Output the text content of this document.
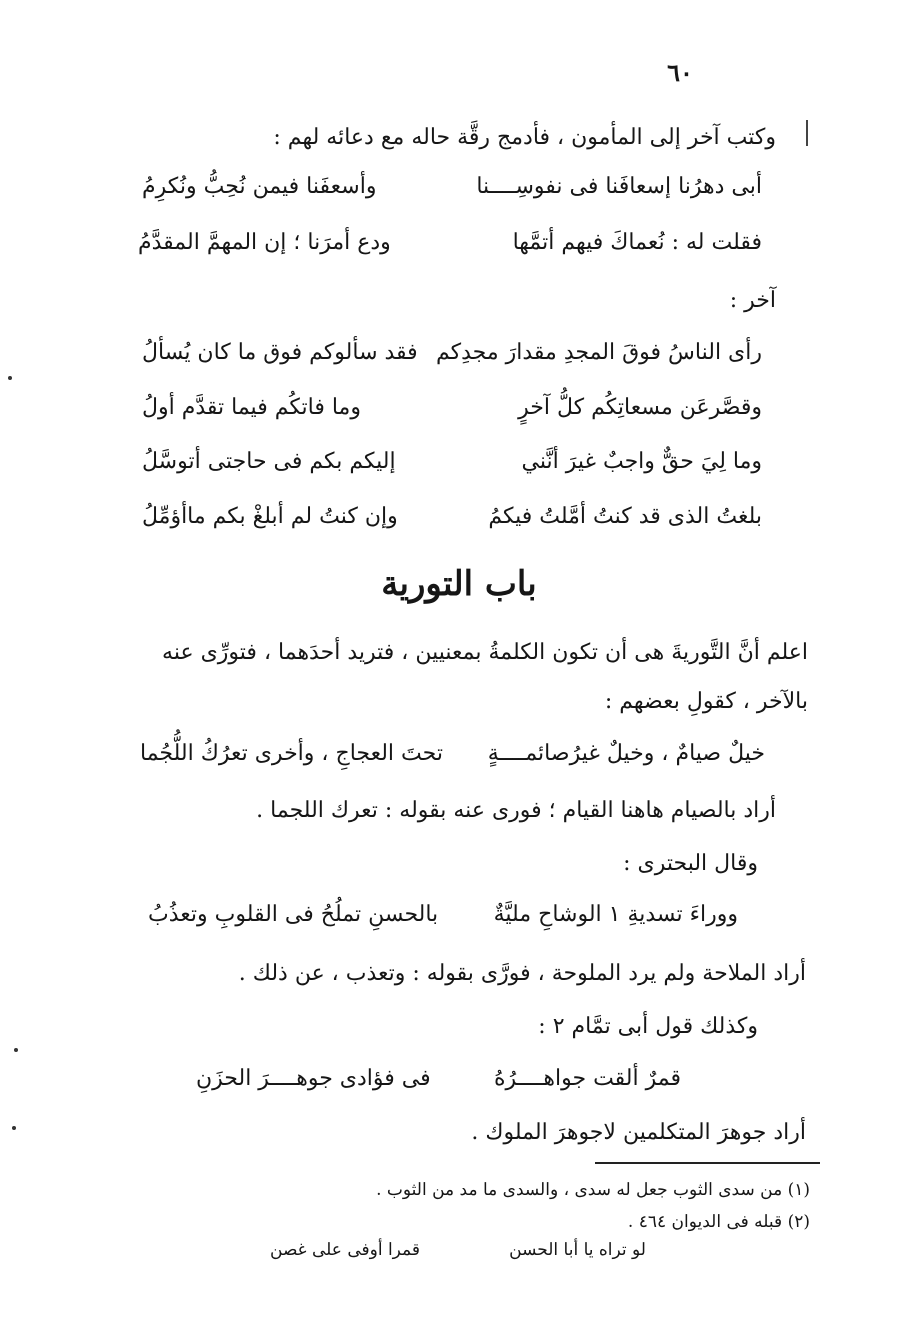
٦٠
وكتب آخر إلى المأمون ، فأدمج رقَّة حاله مع دعائه لهم :
أبى دهرُنا إسعافَنا فى نفوسِــــنا
وأسعفَنا فيمن نُحِبُّ ونُكرِمُ
فقلت له : نُعماكَ فيهم أتمَّها
ودع أمرَنا ؛ إن المهمَّ المقدَّمُ
آخر :
رأى الناسُ فوقَ المجدِ مقدارَ مجدِكم
فقد سألوكم فوق ما كان يُسألُ
وقصَّرعَن مسعاتِكُم كلُّ آخرٍ
وما فاتكُم فيما تقدَّم أولُ
وما لِيَ حقٌّ واجبٌ غيرَ أنَّني
إليكم بكم فى حاجتى أتوسَّلُ
بلغتُ الذى قد كنتُ أمَّلتُ فيكمُ
وإن كنتُ لم أبلغْ بكم ماأؤمِّلُ
باب التورية
اعلم أنَّ التَّوريةَ هى أن تكون الكلمةُ بمعنيين ، فتريد أحدَهما ، فتورِّى عنه
بالآخر ، كقولِ بعضهم :
خيلٌ صيامٌ ، وخيلٌ غيرُصائمــــةٍ
تحتَ العجاجِ ، وأخرى تعرُكُ اللُّجُما
أراد بالصيام هاهنا القيام ؛ فورى عنه بقوله : تعرك اللجما .
وقال البحترى :
ووراءَ تسديةِ ١ الوشاحِ مليَّةٌ
بالحسنِ تملُحُ فى القلوبِ وتعذُبُ
أراد الملاحة ولم يرد الملوحة ، فورَّى بقوله : وتعذب ، عن ذلك .
وكذلك قول أبى تمَّام ٢ :
قمرٌ ألقت جواهــــرُهُ
فى فؤادى جوهــــرَ الحزَنِ
أراد جوهرَ المتكلمين لاجوهرَ الملوك .
(١) من سدى الثوب جعل له سدى ، والسدى ما مد من الثوب .
(٢) قبله فى الديوان ٤٦٤ .
لو تراه يا أبا الحسن
قمرا أوفى على غصن
